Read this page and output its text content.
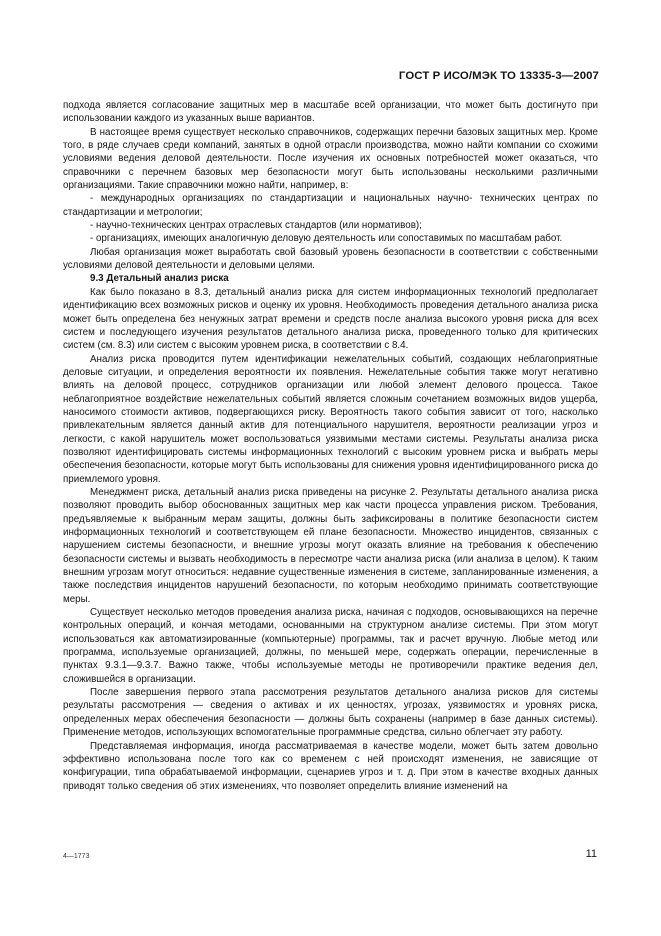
ГОСТ Р ИСО/МЭК ТО 13335-3—2007

подхода является согласование защитных мер в масштабе всей организации, что может быть достигнуто при использовании каждого из указанных выше вариантов.

В настоящее время существует несколько справочников, содержащих перечни базовых защитных мер. Кроме того, в ряде случаев среди компаний, занятых в одной отрасли производства, можно найти компании со схожими условиями ведения деловой деятельности. После изучения их основных потребностей может оказаться, что справочники с перечнем базовых мер безопасности могут быть использованы несколькими различными организациями. Такие справочники можно найти, например, в:

- международных организациях по стандартизации и национальных научно- технических центрах по стандартизации и метрологии;

- научно-технических центрах отраслевых стандартов (или нормативов);

- организациях, имеющих аналогичную деловую деятельность или сопоставимых по масштабам работ.

Любая организация может выработать свой базовый уровень безопасности в соответствии с собственными условиями деловой деятельности и деловыми целями.

9.3 Детальный анализ риска

Как было показано в 8.3, детальный анализ риска для систем информационных технологий предполагает идентификацию всех возможных рисков и оценку их уровня. Необходимость проведения детального анализа риска может быть определена без ненужных затрат времени и средств после анализа высокого уровня риска для всех систем и последующего изучения результатов детального анализа риска, проведенного только для критических систем (см. 8.3) или систем с высоким уровнем риска, в соответствии с 8.4.

Анализ риска проводится путем идентификации нежелательных событий, создающих неблагоприятные деловые ситуации, и определения вероятности их появления. Нежелательные события также могут негативно влиять на деловой процесс, сотрудников организации или любой элемент делового процесса. Такое неблагоприятное воздействие нежелательных событий является сложным сочетанием возможных видов ущерба, наносимого стоимости активов, подвергающихся риску. Вероятность такого события зависит от того, насколько привлекательным является данный актив для потенциального нарушителя, вероятности реализации угроз и легкости, с какой нарушитель может воспользоваться уязвимыми местами системы. Результаты анализа риска позволяют идентифицировать системы информационных технологий с высоким уровнем риска и выбрать меры обеспечения безопасности, которые могут быть использованы для снижения уровня идентифицированного риска до приемлемого уровня.

Менеджмент риска, детальный анализ риска приведены на рисунке 2. Результаты детального анализа риска позволяют проводить выбор обоснованных защитных мер как части процесса управления риском. Требования, предъявляемые к выбранным мерам защиты, должны быть зафиксированы в политике безопасности систем информационных технологий и соответствующем ей плане безопасности. Множество инцидентов, связанных с нарушением системы безопасности, и внешние угрозы могут оказать влияние на требования к обеспечению безопасности системы и вызвать необходимость в пересмотре части анализа риска (или анализа в целом). К таким внешним угрозам могут относиться: недавние существенные изменения в системе, запланированные изменения, а также последствия инцидентов нарушений безопасности, по которым необходимо принимать соответствующие меры.

Существует несколько методов проведения анализа риска, начиная с подходов, основывающихся на перечне контрольных операций, и кончая методами, основанными на структурном анализе системы. При этом могут использоваться как автоматизированные (компьютерные) программы, так и расчет вручную. Любые метод или программа, используемые организацией, должны, по меньшей мере, содержать операции, перечисленные в пунктах 9.3.1—9.3.7. Важно также, чтобы используемые методы не противоречили практике ведения дел, сложившейся в организации.

После завершения первого этапа рассмотрения результатов детального анализа рисков для системы результаты рассмотрения — сведения о активах и их ценностях, угрозах, уязвимостях и уровнях риска, определенных мерах обеспечения безопасности — должны быть сохранены (например в базе данных системы). Применение методов, использующих вспомогательные программные средства, сильно облегчает эту работу.

Представляемая информация, иногда рассматриваемая в качестве модели, может быть затем довольно эффективно использована после того как со временем с ней происходят изменения, не зависящие от конфигурации, типа обрабатываемой информации, сценариев угроз и т. д. При этом в качестве входных данных приводят только сведения об этих изменениях, что позволяет определить влияние изменений на

4—1773	11
